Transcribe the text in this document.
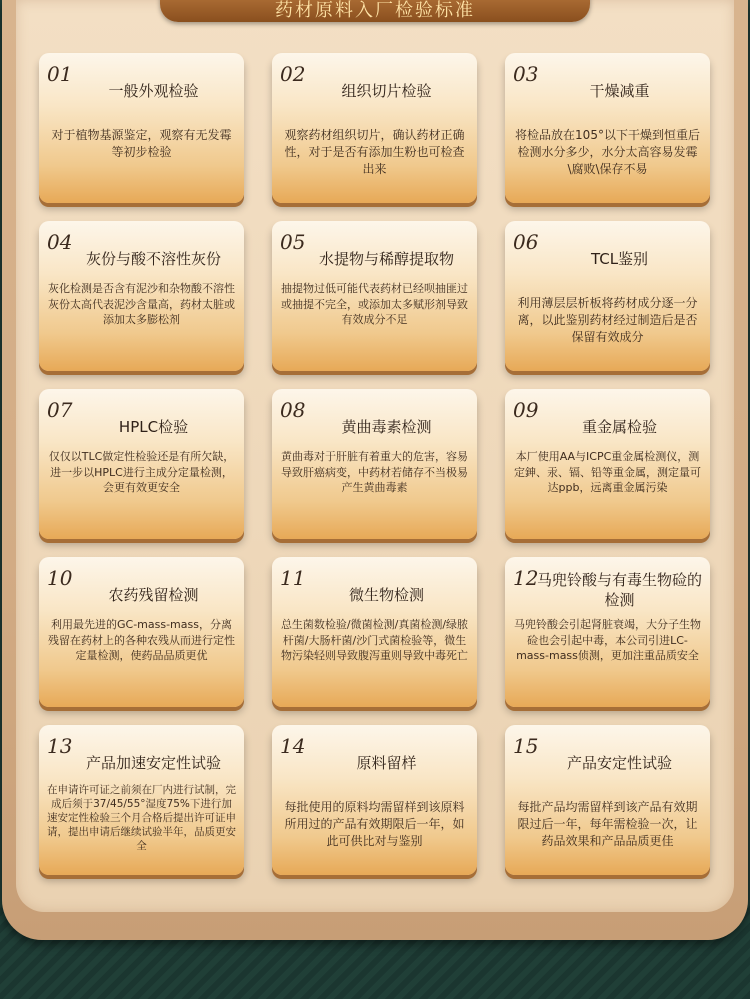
药材原料入厂检验标准
01
一般外观检验
对于植物基源鉴定，观察有无发霉等初步检验
02
组织切片检验
观察药材组织切片，确认药材正确性，对于是否有添加生粉也可检查出来
03
干燥减重
将检品放在105°以下干燥到恒重后检测水分多少，水分太高容易发霉\腐败\保存不易
04
灰份与酸不溶性灰份
灰化检测是否含有泥沙和杂物酸不溶性灰份太高代表泥沙含量高，药材太脏或添加太多膨松剂
05
水提物与稀醇提取物
抽提物过低可能代表药材已经呗抽匪过或抽提不完全，或添加太多赋形剂导致有效成分不足
06
TCL鉴别
利用薄层层析板将药材成分逐一分离，以此鉴别药材经过制造后是否保留有效成分
07
HPLC检验
仅仅以TLC做定性检验还是有所欠缺，进一步以HPLC进行主成分定量检测，会更有效更安全
08
黄曲毒素检测
黄曲毒对于肝脏有着重大的危害，容易导致肝癌病变，中药材若储存不当极易产生黄曲毒素
09
重金属检验
本厂使用AA与ICPC重金属检测仪，测定鉮、汞、镉、铅等重金属，测定量可达ppb，远离重金属污染
10
农药残留检测
利用最先进的GC-mass-mass，分离残留在药材上的各种农残从而进行定性定量检测，使药品品质更优
11
微生物检测
总生菌数检验/微菌检测/真菌检测/绿脓杆菌/大肠杆菌/沙门式菌检验等，微生物污染轻则导致腹泻重则导致中毒死亡
12
马兜铃酸与有毒生物硷的检测
马兜铃酸会引起肾脏衰竭，大分子生物硷也会引起中毒，本公司引进LC-mass-mass侦测，更加注重品质安全
13
产品加速安定性试验
在申请许可证之前须在厂内进行试制，完成后须于37/45/55°湿度75%下进行加速安定性检验三个月合格后提出许可证申请，提出申请后继续试验半年，品质更安全
14
原料留样
每批使用的原料均需留样到该原料所用过的产品有效期限后一年，如此可供比对与鉴别
15
产品安定性试验
每批产品均需留样到该产品有效期限过后一年，每年需检验一次，让药品效果和产品品质更佳
